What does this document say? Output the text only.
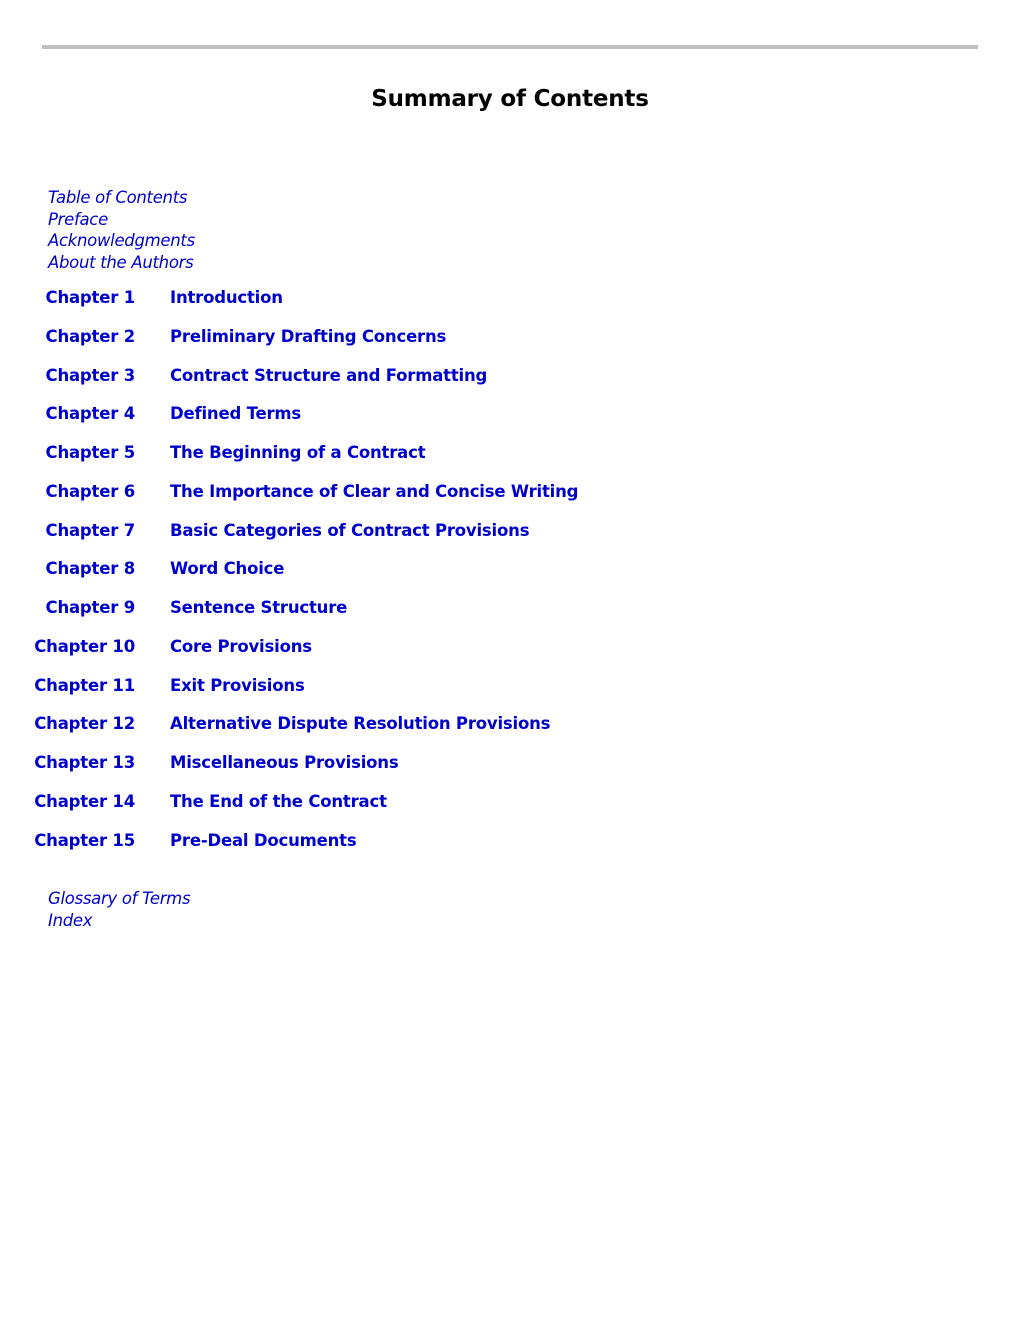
Summary of Contents
Table of Contents
Preface
Acknowledgments
About the Authors
Chapter 1 Introduction
Chapter 2 Preliminary Drafting Concerns
Chapter 3 Contract Structure and Formatting
Chapter 4 Defined Terms
Chapter 5 The Beginning of a Contract
Chapter 6 The Importance of Clear and Concise Writing
Chapter 7 Basic Categories of Contract Provisions
Chapter 8 Word Choice
Chapter 9 Sentence Structure
Chapter 10 Core Provisions
Chapter 11 Exit Provisions
Chapter 12 Alternative Dispute Resolution Provisions
Chapter 13 Miscellaneous Provisions
Chapter 14 The End of the Contract
Chapter 15 Pre-Deal Documents
Glossary of Terms
Index
